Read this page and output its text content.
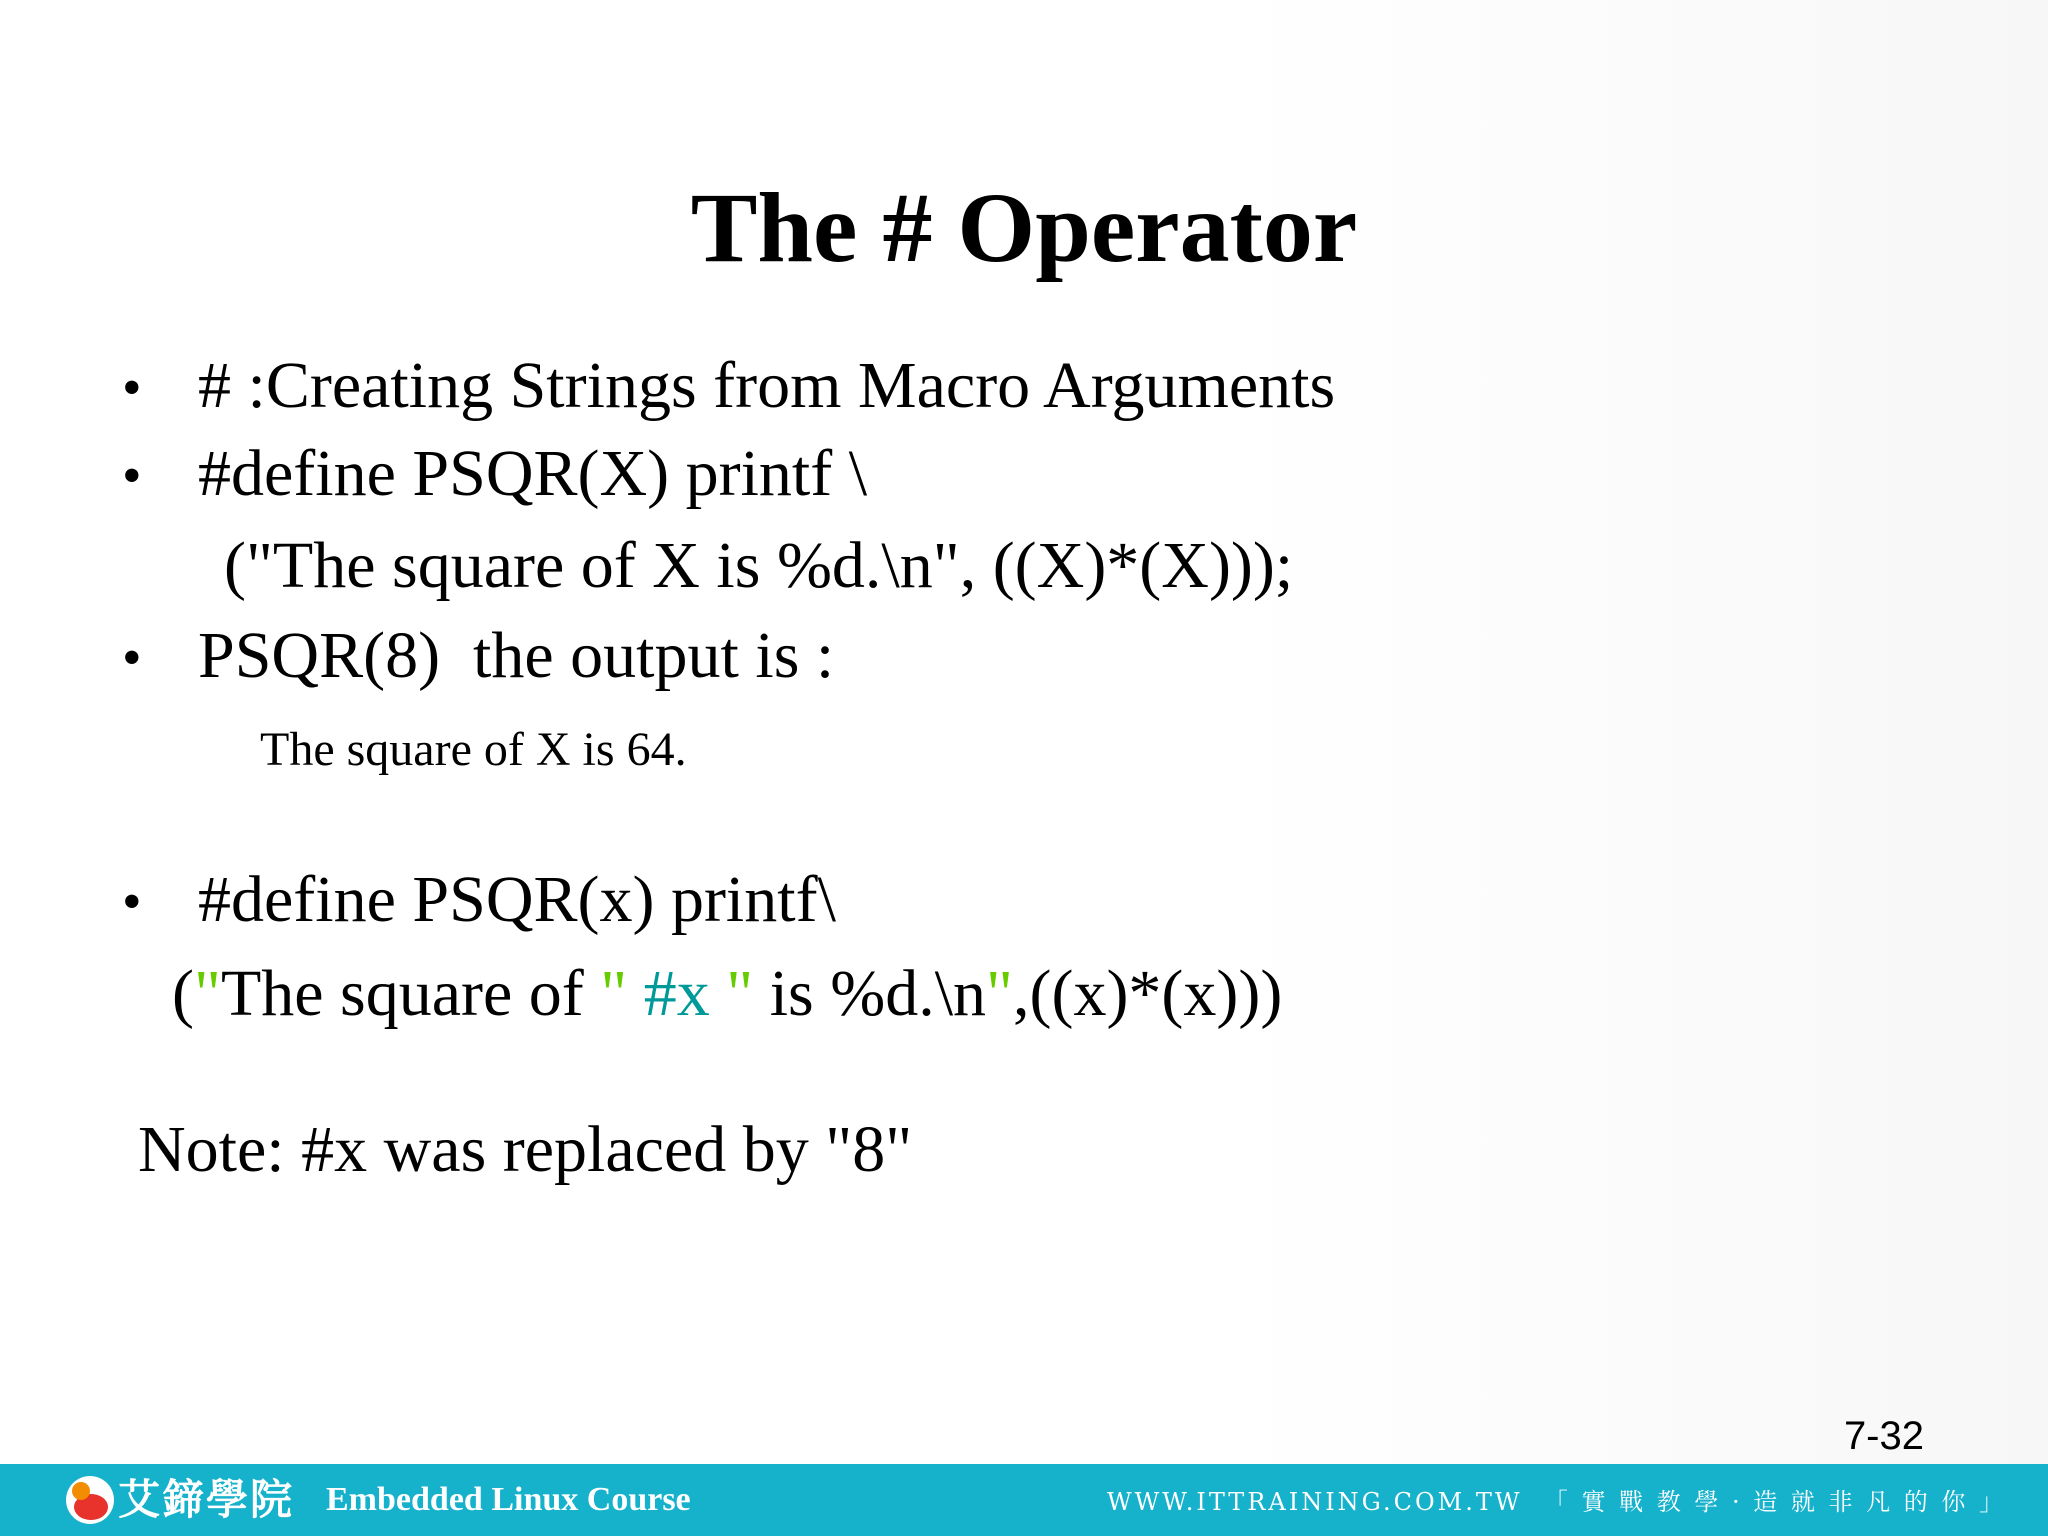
The # Operator
• # :Creating Strings from Macro Arguments
• #define PSQR(X) printf \
("The square of X is %d.\n", ((X)*(X)));
• PSQR(8)  the output is :
The square of X is 64.
• #define PSQR(x) printf\
("The square of " #x " is %d.\n",((x)*(x)))
Note: #x was replaced by "8"
7-32
艾鍗學院 Embedded Linux Course	WWW.ITTRAINING.COM.TW 「 實 戰 教 學 · 造 就 非 凡 的 你 」
